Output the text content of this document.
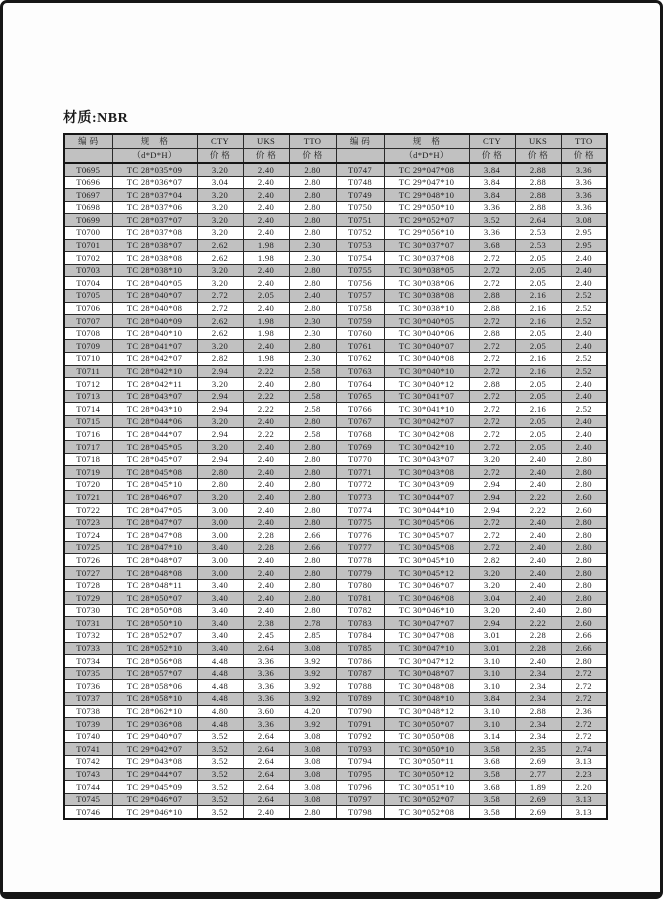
材质:NBR
编 码	规    格	CTY	UKS	TTO	编 码	规    格	CTY	UKS	TTO
	（d*D*H）	价 格	价 格	价 格		（d*D*H）	价 格	价 格	价 格
T0695	TC 28*035*09	3.20	2.40	2.80	T0747	TC 29*047*08	3.84	2.88	3.36
T0696	TC 28*036*07	3.04	2.40	2.80	T0748	TC 29*047*10	3.84	2.88	3.36
T0697	TC 28*037*04	3.20	2.40	2.80	T0749	TC 29*048*10	3.84	2.88	3.36
T0698	TC 28*037*06	3.20	2.40	2.80	T0750	TC 29*050*10	3.36	2.88	3.36
T0699	TC 28*037*07	3.20	2.40	2.80	T0751	TC 29*052*07	3.52	2.64	3.08
T0700	TC 28*037*08	3.20	2.40	2.80	T0752	TC 29*056*10	3.36	2.53	2.95
T0701	TC 28*038*07	2.62	1.98	2.30	T0753	TC 30*037*07	3.68	2.53	2.95
T0702	TC 28*038*08	2.62	1.98	2.30	T0754	TC 30*037*08	2.72	2.05	2.40
T0703	TC 28*038*10	3.20	2.40	2.80	T0755	TC 30*038*05	2.72	2.05	2.40
T0704	TC 28*040*05	3.20	2.40	2.80	T0756	TC 30*038*06	2.72	2.05	2.40
T0705	TC 28*040*07	2.72	2.05	2.40	T0757	TC 30*038*08	2.88	2.16	2.52
T0706	TC 28*040*08	2.72	2.40	2.80	T0758	TC 30*038*10	2.88	2.16	2.52
T0707	TC 28*040*09	2.62	1.98	2.30	T0759	TC 30*040*05	2.72	2.16	2.52
T0708	TC 28*040*10	2.62	1.98	2.30	T0760	TC 30*040*06	2.88	2.05	2.40
T0709	TC 28*041*07	3.20	2.40	2.80	T0761	TC 30*040*07	2.72	2.05	2.40
T0710	TC 28*042*07	2.82	1.98	2.30	T0762	TC 30*040*08	2.72	2.16	2.52
T0711	TC 28*042*10	2.94	2.22	2.58	T0763	TC 30*040*10	2.72	2.16	2.52
T0712	TC 28*042*11	3.20	2.40	2.80	T0764	TC 30*040*12	2.88	2.05	2.40
T0713	TC 28*043*07	2.94	2.22	2.58	T0765	TC 30*041*07	2.72	2.05	2.40
T0714	TC 28*043*10	2.94	2.22	2.58	T0766	TC 30*041*10	2.72	2.16	2.52
T0715	TC 28*044*06	3.20	2.40	2.80	T0767	TC 30*042*07	2.72	2.05	2.40
T0716	TC 28*044*07	2.94	2.22	2.58	T0768	TC 30*042*08	2.72	2.05	2.40
T0717	TC 28*045*05	3.20	2.40	2.80	T0769	TC 30*042*10	2.72	2.05	2.40
T0718	TC 28*045*07	2.94	2.40	2.80	T0770	TC 30*043*07	3.20	2.40	2.80
T0719	TC 28*045*08	2.80	2.40	2.80	T0771	TC 30*043*08	2.72	2.40	2.80
T0720	TC 28*045*10	2.80	2.40	2.80	T0772	TC 30*043*09	2.94	2.40	2.80
T0721	TC 28*046*07	3.20	2.40	2.80	T0773	TC 30*044*07	2.94	2.22	2.60
T0722	TC 28*047*05	3.00	2.40	2.80	T0774	TC 30*044*10	2.94	2.22	2.60
T0723	TC 28*047*07	3.00	2.40	2.80	T0775	TC 30*045*06	2.72	2.40	2.80
T0724	TC 28*047*08	3.00	2.28	2.66	T0776	TC 30*045*07	2.72	2.40	2.80
T0725	TC 28*047*10	3.40	2.28	2.66	T0777	TC 30*045*08	2.72	2.40	2.80
T0726	TC 28*048*07	3.00	2.40	2.80	T0778	TC 30*045*10	2.82	2.40	2.80
T0727	TC 28*048*08	3.00	2.40	2.80	T0779	TC 30*045*12	3.20	2.40	2.80
T0728	TC 28*048*11	3.40	2.40	2.80	T0780	TC 30*046*07	3.20	2.40	2.80
T0729	TC 28*050*07	3.40	2.40	2.80	T0781	TC 30*046*08	3.04	2.40	2.80
T0730	TC 28*050*08	3.40	2.40	2.80	T0782	TC 30*046*10	3.20	2.40	2.80
T0731	TC 28*050*10	3.40	2.38	2.78	T0783	TC 30*047*07	2.94	2.22	2.60
T0732	TC 28*052*07	3.40	2.45	2.85	T0784	TC 30*047*08	3.01	2.28	2.66
T0733	TC 28*052*10	3.40	2.64	3.08	T0785	TC 30*047*10	3.01	2.28	2.66
T0734	TC 28*056*08	4.48	3.36	3.92	T0786	TC 30*047*12	3.10	2.40	2.80
T0735	TC 28*057*07	4.48	3.36	3.92	T0787	TC 30*048*07	3.10	2.34	2.72
T0736	TC 28*058*06	4.48	3.36	3.92	T0788	TC 30*048*08	3.10	2.34	2.72
T0737	TC 28*058*10	4.48	3.36	3.92	T0789	TC 30*048*10	3.84	2.34	2.72
T0738	TC 28*062*10	4.80	3.60	4.20	T0790	TC 30*048*12	3.10	2.88	2.36
T0739	TC 29*036*08	4.48	3.36	3.92	T0791	TC 30*050*07	3.10	2.34	2.72
T0740	TC 29*040*07	3.52	2.64	3.08	T0792	TC 30*050*08	3.14	2.34	2.72
T0741	TC 29*042*07	3.52	2.64	3.08	T0793	TC 30*050*10	3.58	2.35	2.74
T0742	TC 29*043*08	3.52	2.64	3.08	T0794	TC 30*050*11	3.68	2.69	3.13
T0743	TC 29*044*07	3.52	2.64	3.08	T0795	TC 30*050*12	3.58	2.77	2.23
T0744	TC 29*045*09	3.52	2.64	3.08	T0796	TC 30*051*10	3.68	1.89	2.20
T0745	TC 29*046*07	3.52	2.64	3.08	T0797	TC 30*052*07	3.58	2.69	3.13
T0746	TC 29*046*10	3.52	2.40	2.80	T0798	TC 30*052*08	3.58	2.69	3.13
